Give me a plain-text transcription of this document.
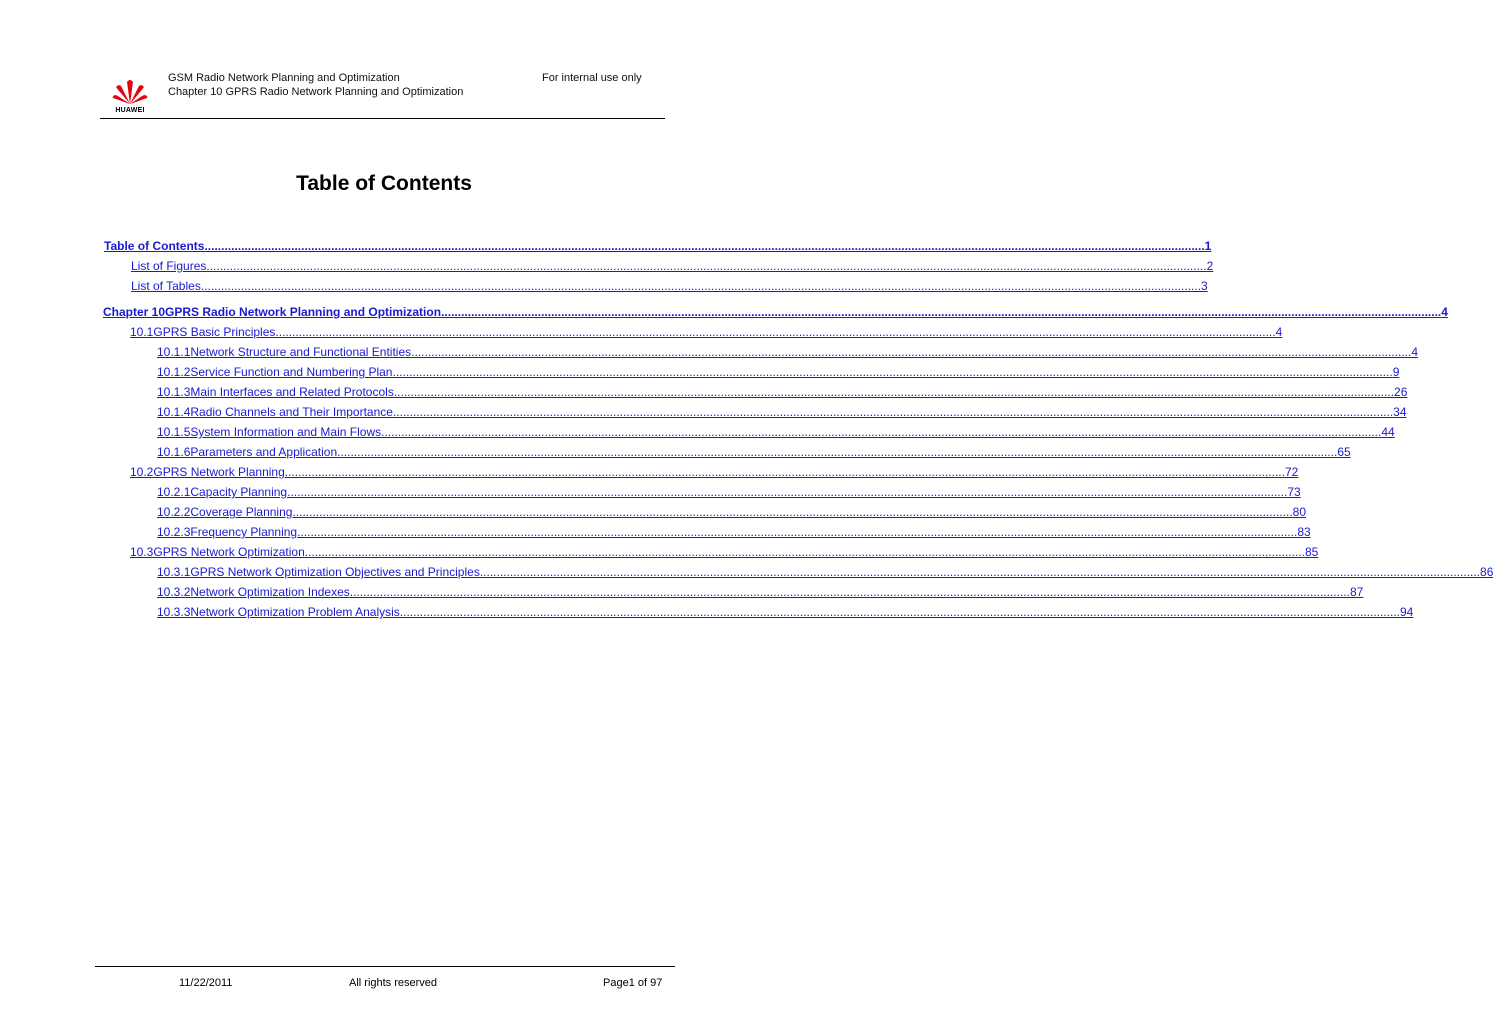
HUAWEI
GSM Radio Network Planning and Optimization
Chapter 10 GPRS Radio Network Planning and Optimization
For internal use only
Table of Contents
Table of Contents ............................................................................................................................................................................................................................................................................................................ 1
List of Figures ............................................................................................................................................................................................................................................................................................................ 2
List of Tables ............................................................................................................................................................................................................................................................................................................ 3
Chapter 10 GPRS Radio Network Planning and Optimization ............................................................................................................................................................................................................................................................................................................ 4
10.1 GPRS Basic Principles ............................................................................................................................................................................................................................................................................................................ 4
10.1.1 Network Structure and Functional Entities ............................................................................................................................................................................................................................................................................................................ 4
10.1.2 Service Function and Numbering Plan ............................................................................................................................................................................................................................................................................................................ 9
10.1.3 Main Interfaces and Related Protocols ............................................................................................................................................................................................................................................................................................................ 26
10.1.4 Radio Channels and Their Importance ............................................................................................................................................................................................................................................................................................................ 34
10.1.5 System Information and Main Flows ............................................................................................................................................................................................................................................................................................................ 44
10.1.6 Parameters and Application ............................................................................................................................................................................................................................................................................................................ 65
10.2 GPRS Network Planning ............................................................................................................................................................................................................................................................................................................ 72
10.2.1 Capacity Planning ............................................................................................................................................................................................................................................................................................................ 73
10.2.2 Coverage Planning ............................................................................................................................................................................................................................................................................................................ 80
10.2.3 Frequency Planning ............................................................................................................................................................................................................................................................................................................ 83
10.3 GPRS Network Optimization ............................................................................................................................................................................................................................................................................................................ 85
10.3.1 GPRS Network Optimization Objectives and Principles ............................................................................................................................................................................................................................................................................................................ 86
10.3.2 Network Optimization Indexes ............................................................................................................................................................................................................................................................................................................ 87
10.3.3 Network Optimization Problem Analysis ............................................................................................................................................................................................................................................................................................................ 94
11/22/2011	All rights reserved	Page1 of 97
